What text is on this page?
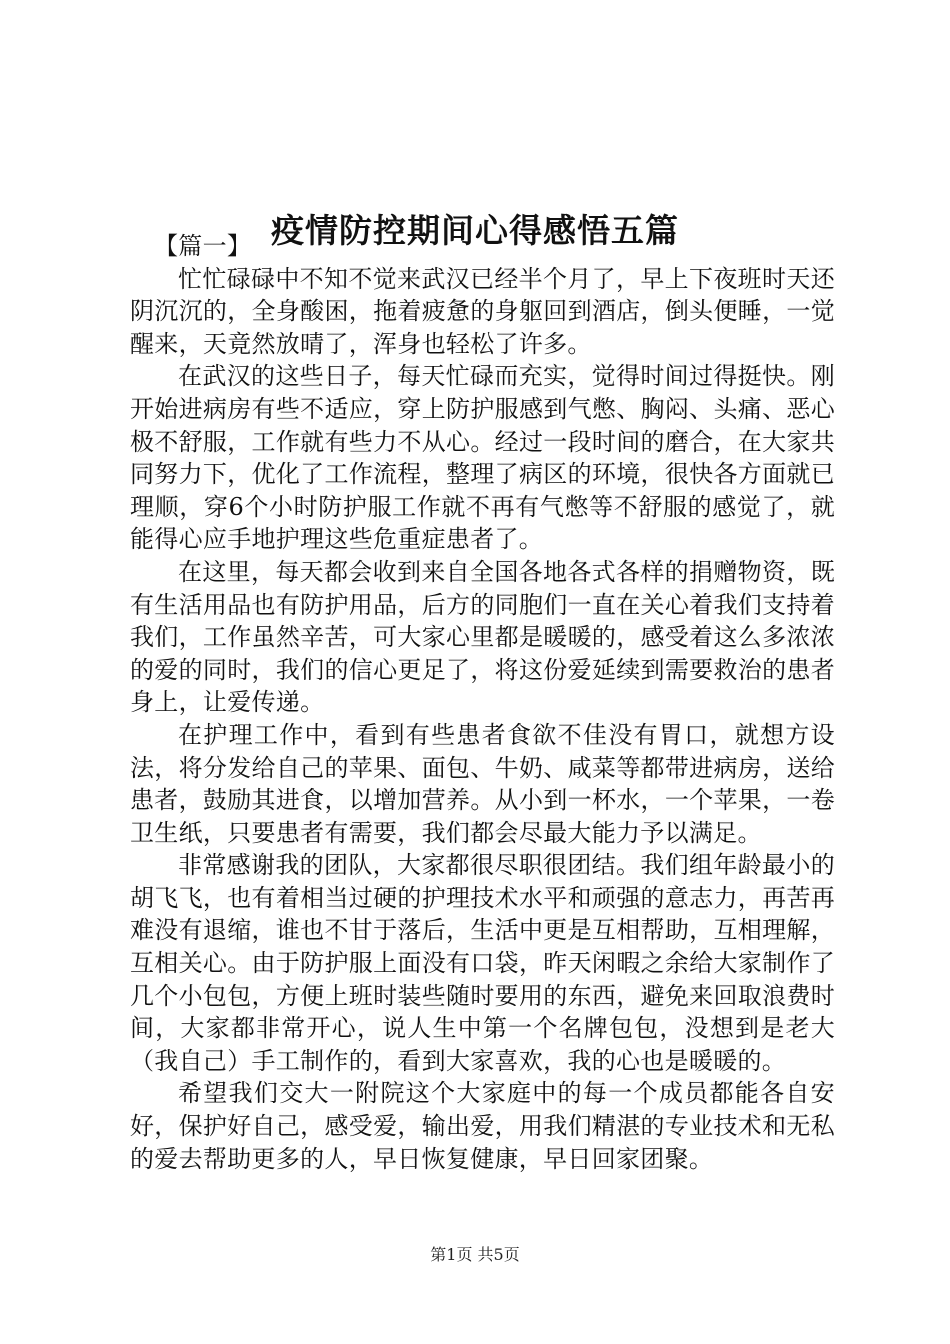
疫情防控期间心得感悟五篇

【篇一】

忙忙碌碌中不知不觉来武汉已经半个月了，早上下夜班时天还阴沉沉的，全身酸困，拖着疲惫的身躯回到酒店，倒头便睡，一觉醒来，天竟然放晴了，浑身也轻松了许多。

在武汉的这些日子，每天忙碌而充实，觉得时间过得挺快。刚开始进病房有些不适应，穿上防护服感到气憋、胸闷、头痛、恶心极不舒服，工作就有些力不从心。经过一段时间的磨合，在大家共同努力下，优化了工作流程，整理了病区的环境，很快各方面就已理顺，穿6个小时防护服工作就不再有气憋等不舒服的感觉了，就能得心应手地护理这些危重症患者了。

在这里，每天都会收到来自全国各地各式各样的捐赠物资，既有生活用品也有防护用品，后方的同胞们一直在关心着我们支持着我们，工作虽然辛苦，可大家心里都是暖暖的，感受着这么多浓浓的爱的同时，我们的信心更足了，将这份爱延续到需要救治的患者身上，让爱传递。

在护理工作中，看到有些患者食欲不佳没有胃口，就想方设法，将分发给自己的苹果、面包、牛奶、咸菜等都带进病房，送给患者，鼓励其进食，以增加营养。从小到一杯水，一个苹果，一卷卫生纸，只要患者有需要，我们都会尽最大能力予以满足。

非常感谢我的团队，大家都很尽职很团结。我们组年龄最小的胡飞飞，也有着相当过硬的护理技术水平和顽强的意志力，再苦再难没有退缩，谁也不甘于落后，生活中更是互相帮助，互相理解，互相关心。由于防护服上面没有口袋，昨天闲暇之余给大家制作了几个小包包，方便上班时装些随时要用的东西，避免来回取浪费时间，大家都非常开心，说人生中第一个名牌包包，没想到是老大（我自己）手工制作的，看到大家喜欢，我的心也是暖暖的。

希望我们交大一附院这个大家庭中的每一个成员都能各自安好，保护好自己，感受爱，输出爱，用我们精湛的专业技术和无私的爱去帮助更多的人，早日恢复健康，早日回家团聚。

第1页 共5页
